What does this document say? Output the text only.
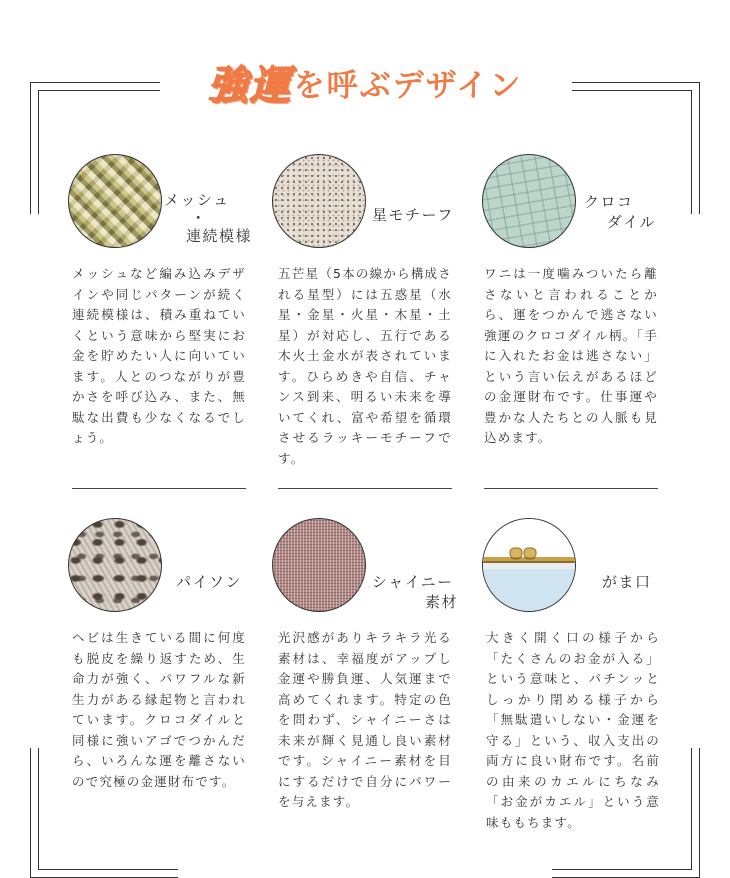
強運を呼ぶデザイン
メッシュ
・
連続模様
メッシュなど編み込みデザインや同じパターンが続く連続模様は、積み重ねていくという意味から堅実にお金を貯めたい人に向いています。人とのつながりが豊かさを呼び込み、また、無駄な出費も少なくなるでしょう。
星モチーフ
五芒星（5本の線から構成される星型）には五惑星（水星・金星・火星・木星・土星）が対応し、五行である木火土金水が表されています。ひらめきや自信、チャンス到来、明るい未来を導いてくれ、富や希望を循環させるラッキーモチーフです。
クロコ
ダイル
ワニは一度噛みついたら離さないと言われることから、運をつかんで逃さない強運のクロコダイル柄。「手に入れたお金は逃さない」という言い伝えがあるほどの金運財布です。仕事運や豊かな人たちとの人脈も見込めます。
パイソン
ヘビは生きている間に何度も脱皮を繰り返すため、生命力が強く、パワフルな新生力がある縁起物と言われています。クロコダイルと同様に強いアゴでつかんだら、いろんな運を離さないので究極の金運財布です。
シャイニー
素材
光沢感がありキラキラ光る素材は、幸福度がアップし金運や勝負運、人気運まで高めてくれます。特定の色を問わず、シャイニーさは未来が輝く見通し良い素材です。シャイニー素材を目にするだけで自分にパワーを与えます。
がま口
大きく開く口の様子から「たくさんのお金が入る」という意味と、パチンッとしっかり閉める様子から「無駄遣いしない・金運を守る」という、収入支出の両方に良い財布です。名前の由来のカエルにちなみ「お金がカエル」という意味ももちます。
